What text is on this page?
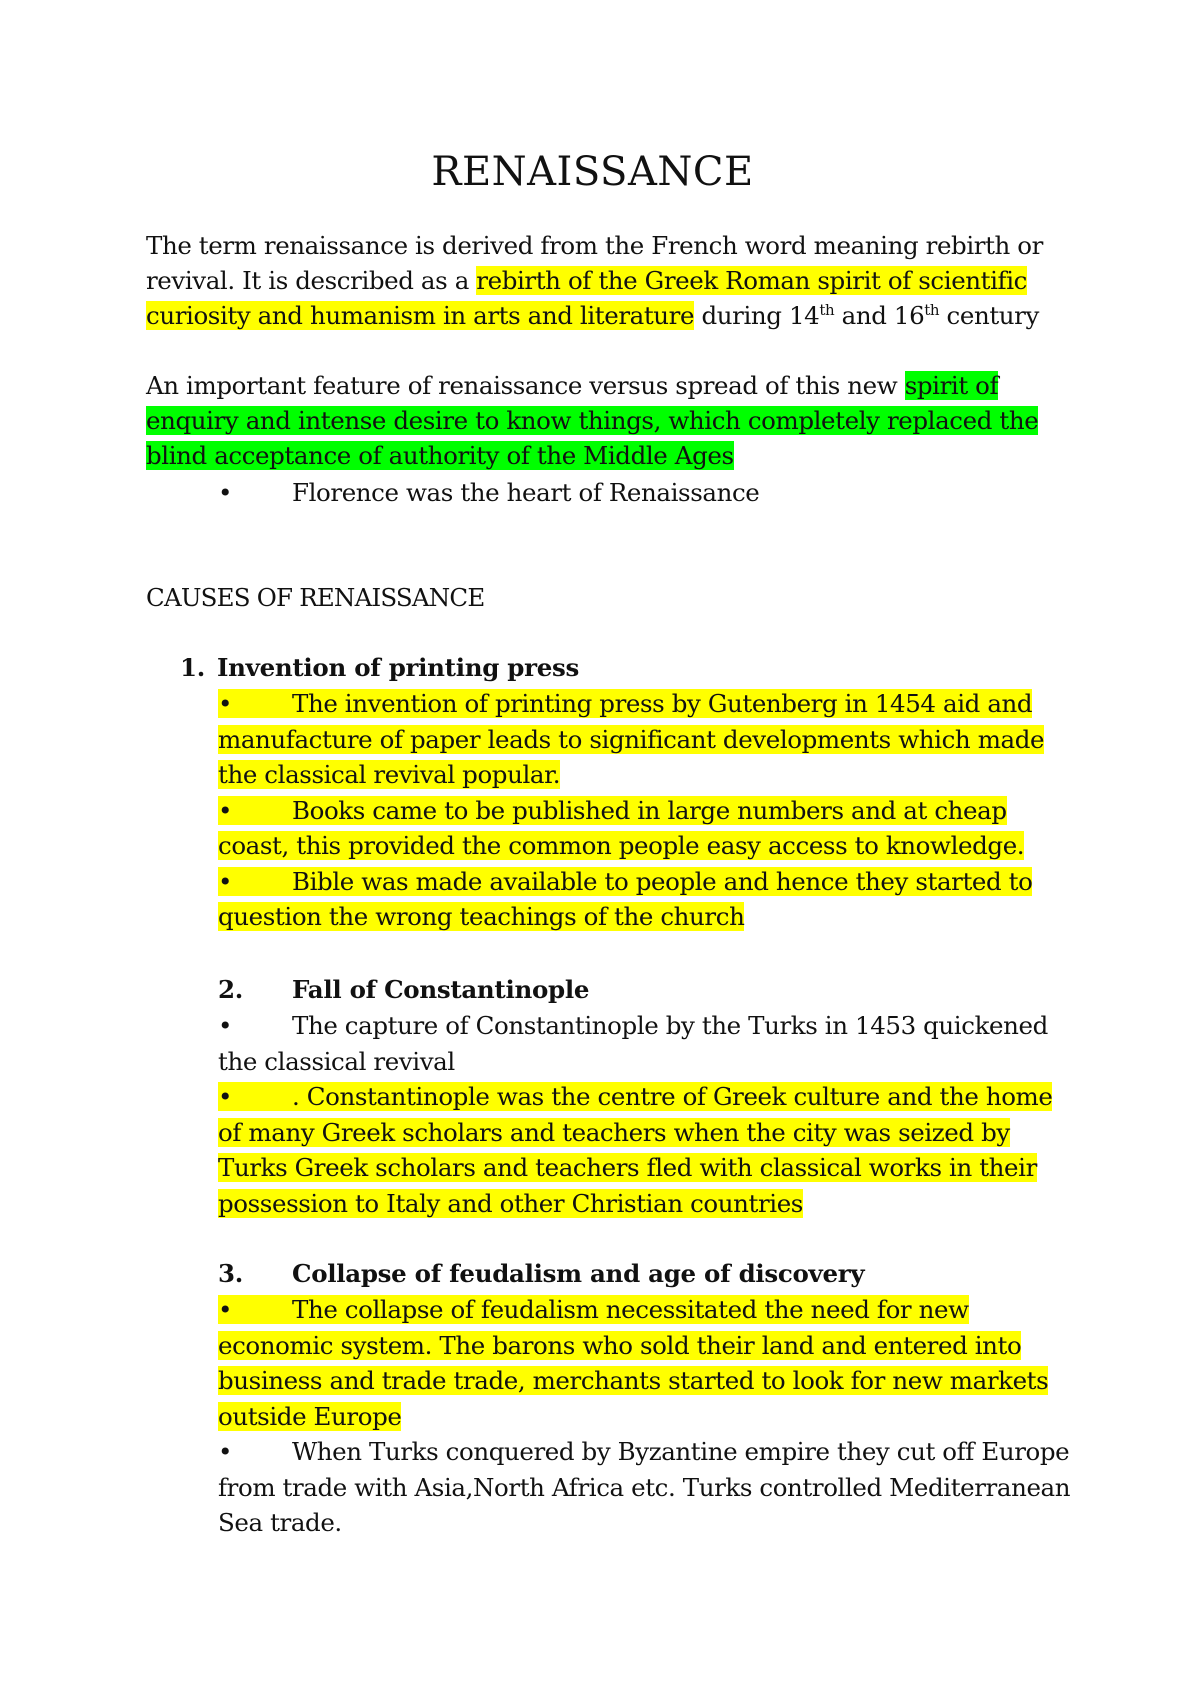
RENAISSANCE
The term renaissance is derived from the French word meaning rebirth or revival. It is described as a rebirth of the Greek Roman spirit of scientific curiosity and humanism in arts and literature during 14th and 16th century
An important feature of renaissance versus spread of this new spirit of enquiry and intense desire to know things, which completely replaced the blind acceptance of authority of the Middle Ages
• Florence was the heart of Renaissance
CAUSES OF RENAISSANCE
1. Invention of printing press
• The invention of printing press by Gutenberg in 1454 aid and manufacture of paper leads to significant developments which made the classical revival popular.
• Books came to be published in large numbers and at cheap coast, this provided the common people easy access to knowledge.
• Bible was made available to people and hence they started to question the wrong teachings of the church
2. Fall of Constantinople
• The capture of Constantinople by the Turks in 1453 quickened the classical revival
• . Constantinople was the centre of Greek culture and the home of many Greek scholars and teachers when the city was seized by Turks Greek scholars and teachers fled with classical works in their possession to Italy and other Christian countries
3. Collapse of feudalism and age of discovery
• The collapse of feudalism necessitated the need for new economic system. The barons who sold their land and entered into business and trade trade, merchants started to look for new markets outside Europe
• When Turks conquered by Byzantine empire they cut off Europe from trade with Asia,North Africa etc. Turks controlled Mediterranean Sea trade.
